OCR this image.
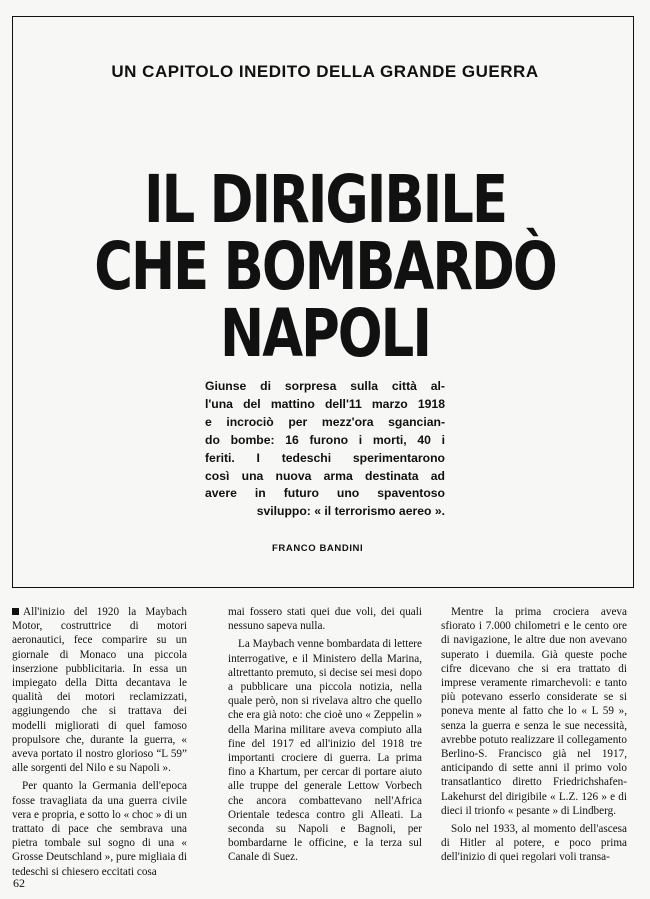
UN CAPITOLO INEDITO DELLA GRANDE GUERRA
IL DIRIGIBILE
CHE BOMBARDÒ
NAPOLI
Giunse di sorpresa sulla città al-
l'una del mattino dell'11 marzo 1918
e incrociò per mezz'ora sgancian-
do bombe: 16 furono i morti, 40 i
feriti. I tedeschi sperimentarono
così una nuova arma destinata ad
avere in futuro uno spaventoso
sviluppo: « il terrorismo aereo ».
FRANCO BANDINI

All'inizio del 1920 la Maybach Motor, costruttrice di motori aeronautici, fece comparire su un giornale di Monaco una piccola inserzione pubblicitaria. In essa un impiegato della Ditta decantava le qualità dei motori reclamizzati, aggiungendo che si trattava dei modelli migliorati di quel famoso propulsore che, durante la guerra, « aveva portato il nostro glorioso “L 59” alle sorgenti del Nilo e su Napoli ».

Per quanto la Germania dell'epoca fosse travagliata da una guerra civile vera e propria, e sotto lo « choc » di un trattato di pace che sembrava una pietra tombale sul sogno di una « Grosse Deutschland », pure migliaia di tedeschi si chiesero eccitati cosa

mai fossero stati quei due voli, dei quali nessuno sapeva nulla.

La Maybach venne bombardata di lettere interrogative, e il Ministero della Marina, altrettanto premuto, si decise sei mesi dopo a pubblicare una piccola notizia, nella quale però, non si rivelava altro che quello che era già noto: che cioè uno « Zeppelin » della Marina militare aveva compiuto alla fine del 1917 ed all'inizio del 1918 tre importanti crociere di guerra. La prima fino a Khartum, per cercar di portare aiuto alle truppe del generale Lettow Vorbech che ancora combattevano nell'Africa Orientale tedesca contro gli Alleati. La seconda su Napoli e Bagnoli, per bombardarne le officine, e la terza sul Canale di Suez.

Mentre la prima crociera aveva sfiorato i 7.000 chilometri e le cento ore di navigazione, le altre due non avevano superato i duemila. Già queste poche cifre dicevano che si era trattato di imprese veramente rimarchevoli: e tanto più potevano esserlo considerate se si poneva mente al fatto che lo « L 59 », senza la guerra e senza le sue necessità, avrebbe potuto realizzare il collegamento Berlino-S. Francisco già nel 1917, anticipando di sette anni il primo volo transatlantico diretto Friedrichshafen-Lakehurst del dirigibile « L.Z. 126 » e di dieci il trionfo « pesante » di Lindberg.

Solo nel 1933, al momento dell'ascesa di Hitler al potere, e poco prima dell'inizio di quei regolari voli transa-

62
